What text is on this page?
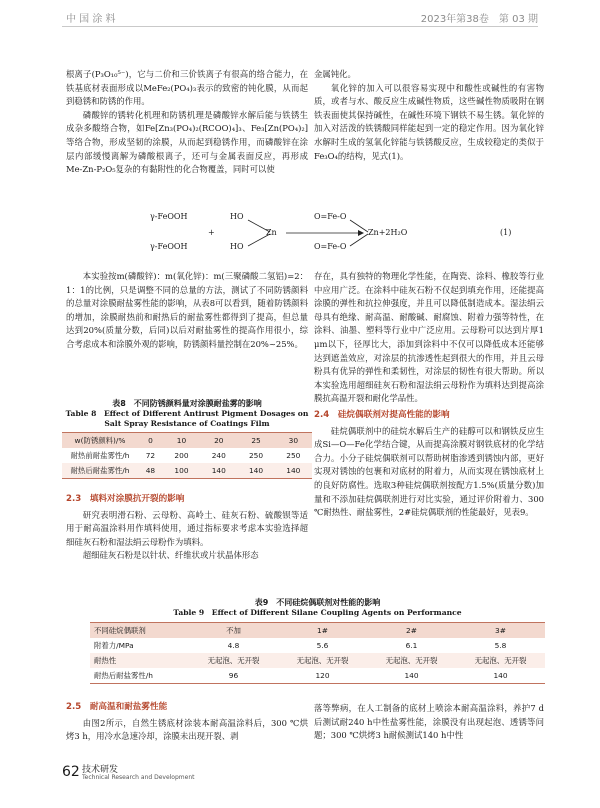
中 国 涂 料	2023年第38卷　第 03 期

根离子(P₃O₁₀⁵⁻)，它与二价和三价铁离子有很高的络合能力，在铁基底材表面形成以MeFe₂(PO₄)₃表示的致密的钝化膜，从而起到稳锈和防锈的作用。

磷酸锌的锈转化机理和防锈机理是磷酸锌水解后能与铁锈生成杂多酸络合物，如Fe[Zn₃(PO₄)₂(RCOO)₄]₃、Fe₃[Zn(PO₄)₂]等络合物，形成坚韧的涂膜，从而起到稳锈作用，而磷酸锌在涂层内部缓慢离解为磷酸根离子，还可与金属表面反应，再形成Me-Zn-P₂O₅复杂的有黏附性的化合物覆盖，同时可以使

金属钝化。

氧化锌的加入可以很容易实现中和酸性或碱性的有害物质，或者与水、酸反应生成碱性物质，这些碱性物质吸附在钢铁表面使其保持碱性，在碱性环境下钢铁不易生锈。氧化锌的加入对活泼的铁锈酸同样能起到一定的稳定作用。因为氧化锌水解时生成的氢氧化锌能与铁锈酸反应，生成较稳定的类似于Fe₃O₄的结构，见式(1)。

γ-FeOOH
γ-FeOOH
+
HO
HO
Zn
O=Fe-O
O=Fe-O
Zn+2H₂O	(1)

本实验按m(磷酸锌)：m(氧化锌)：m(三聚磷酸二氢铝)=2：1：1的比例，只是调整不同的总量的方法，测试了不同防锈颜料的总量对涂膜耐盐雾性能的影响，从表8可以看到，随着防锈颜料的增加，涂膜耐热前和耐热后的耐盐雾性都得到了提高，但总量达到20%(质量分数，后同)以后对耐盐雾性的提高作用很小，综合考虑成本和涂膜外观的影响，防锈颜料量控制在20%~25%。

表8　不同防锈颜料量对涂膜耐盐雾的影响
Table 8　Effect of Different Antirust Pigment Dosages on Salt Spray Resistance of Coatings Film
w(防锈颜料)/%	0	10	20	25	30
耐热前耐盐雾性/h	72	200	240	250	250
耐热后耐盐雾性/h	48	100	140	140	140
2.3　填料对涂膜抗开裂的影响

研究表明滑石粉、云母粉、高岭土、硅灰石粉、硫酸钡等适用于耐高温涂料用作填料使用，通过指标要求考虑本实验选择超细硅灰石粉和湿法绢云母粉作为填料。

超细硅灰石粉是以针状、纤维状或片状晶体形态

存在，具有独特的物理化学性能，在陶瓷、涂料、橡胶等行业中应用广泛。在涂料中硅灰石粉不仅起到填充作用，还能提高涂膜的弹性和抗拉伸强度，并且可以降低制造成本。湿法绢云母具有绝缘、耐高温、耐酸碱、耐腐蚀、附着力强等特性，在涂料、油墨、塑料等行业中广泛应用。云母粉可以达到片厚1 μm以下，径厚比大，添加到涂料中不仅可以降低成本还能够达到遮盖效应，对涂层的抗渗透性起到很大的作用，并且云母粉具有优异的弹性和柔韧性，对涂层的韧性有很大帮助。所以本实验选用超细硅灰石粉和湿法绢云母粉作为填料达到提高涂膜抗高温开裂和耐化学品性。

2.4　硅烷偶联剂对提高性能的影响

硅烷偶联剂中的硅烷水解后生产的硅醇可以和钢铁反应生成Si—O—Fe化学结合键，从而提高涂膜对钢铁底材的化学结合力。小分子硅烷偶联剂可以帮助树脂渗透到锈蚀内部，更好实现对锈蚀的包裹和对底材的附着力，从而实现在锈蚀底材上的良好防腐性。选取3种硅烷偶联剂按配方1.5%(质量分数)加量和不添加硅烷偶联剂进行对比实验，通过评价附着力、300 ℃耐热性、耐盐雾性，2#硅烷偶联剂的性能最好，见表9。

表9　不同硅烷偶联剂对性能的影响
Table 9　Effect of Different Silane Coupling Agents on Performance
不同硅烷偶联剂	不加	1#	2#	3#
附着力/MPa	4.8	5.6	6.1	5.8
耐热性	无起泡、无开裂	无起泡、无开裂	无起泡、无开裂	无起泡、无开裂
耐热后耐盐雾性/h	96	120	140	140
2.5　耐高温和耐盐雾性能

由图2所示，自然生锈底材涂装本耐高温涂料后，300 ℃烘烤3 h，用冷水急速冷却，涂膜未出现开裂、剥

落等弊病，在人工制备的底材上喷涂本耐高温涂料，养护7 d后测试耐240 h中性盐雾性能，涂膜没有出现起泡、透锈等问题；300 ℃烘烤3 h耐候测试140 h中性

62 技术研发
Technical Research and Development
